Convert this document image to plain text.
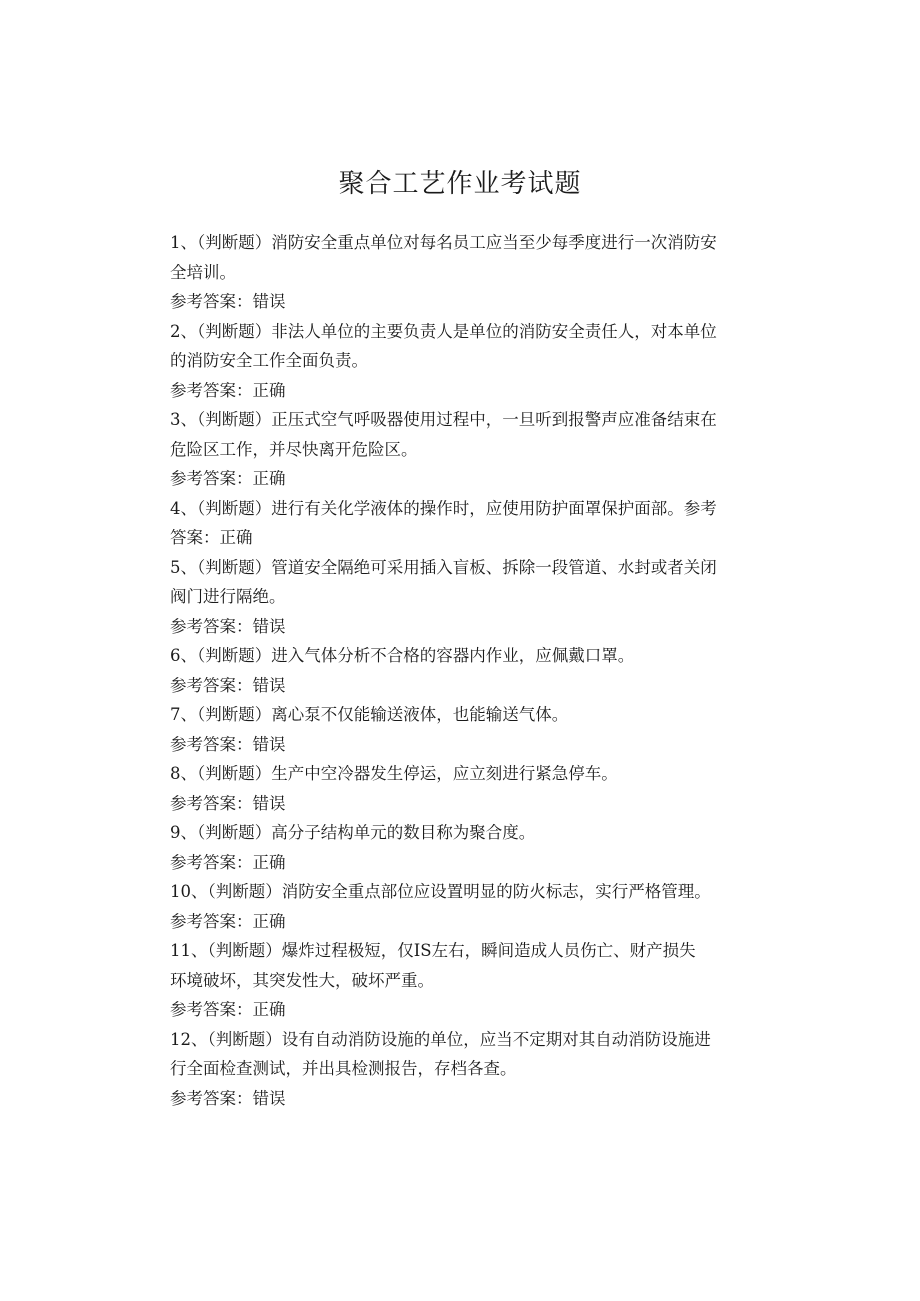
聚合工艺作业考试题
1、（判断题）消防安全重点单位对每名员工应当至少每季度进行一次消防安
全培训。
参考答案：错误
2、（判断题）非法人单位的主要负责人是单位的消防安全责任人，对本单位
的消防安全工作全面负责。
参考答案：正确
3、（判断题）正压式空气呼吸器使用过程中，一旦听到报警声应准备结束在
危险区工作，并尽快离开危险区。
参考答案：正确
4、（判断题）进行有关化学液体的操作时，应使用防护面罩保护面部。参考
答案：正确
5、（判断题）管道安全隔绝可采用插入盲板、拆除一段管道、水封或者关闭
阀门进行隔绝。
参考答案：错误
6、（判断题）进入气体分析不合格的容器内作业，应佩戴口罩。
参考答案：错误
7、（判断题）离心泵不仅能输送液体，也能输送气体。
参考答案：错误
8、（判断题）生产中空冷器发生停运，应立刻进行紧急停车。
参考答案：错误
9、（判断题）高分子结构单元的数目称为聚合度。
参考答案：正确
10、（判断题）消防安全重点部位应设置明显的防火标志，实行严格管理。
参考答案：正确
11、（判断题）爆炸过程极短，仅IS左右，瞬间造成人员伤亡、财产损失
环境破坏，其突发性大，破坏严重。
参考答案：正确
12、（判断题）设有自动消防设施的单位，应当不定期对其自动消防设施进
行全面检查测试，并出具检测报告，存档各查。
参考答案：错误
